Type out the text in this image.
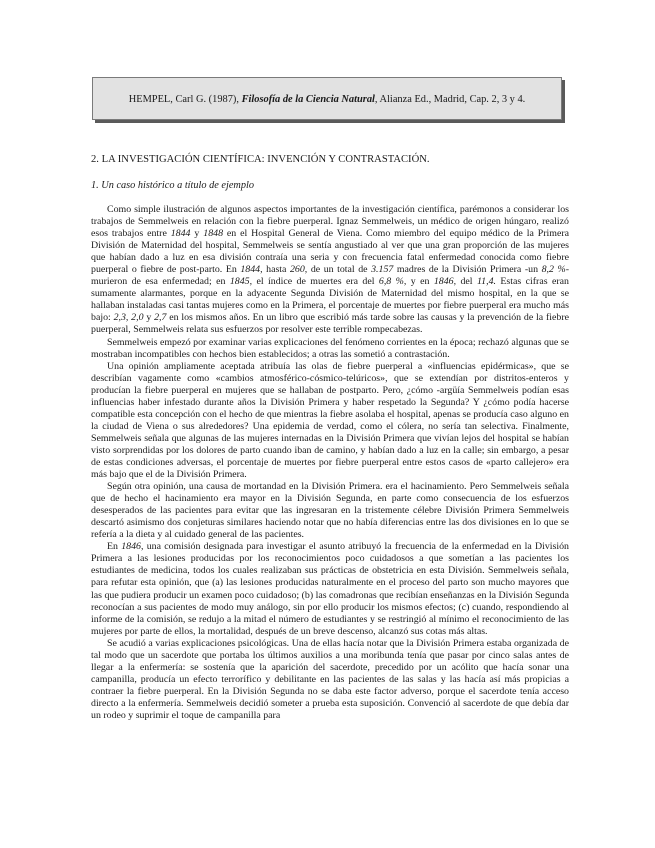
HEMPEL, Carl G. (1987), Filosofía de la Ciencia Natural, Alianza Ed., Madrid, Cap. 2, 3 y 4.
2. LA INVESTIGACIÓN CIENTÍFICA: INVENCIÓN Y CONTRASTACIÓN.
1. Un caso histórico a título de ejemplo

Como simple ilustración de algunos aspectos importantes de la investigación científica, parémonos a considerar los trabajos de Semmelweis en relación con la fiebre puerperal. Ignaz Semmelweis, un médico de origen húngaro, realizó esos trabajos entre 1844 y 1848 en el Hospital General de Viena. Como miembro del equipo médico de la Primera División de Maternidad del hospital, Semmelweis se sentía angustiado al ver que una gran proporción de las mujeres que habían dado a luz en esa división contraía una seria y con frecuencia fatal enfermedad conocida como fiebre puerperal o fiebre de post-parto. En 1844, hasta 260, de un total de 3.157 madres de la División Primera -un 8,2 %- murieron de esa enfermedad; en 1845, el índice de muertes era del 6,8 %, y en 1846, del 11,4. Estas cifras eran sumamente alarmantes, porque en la adyacente Segunda División de Maternidad del mismo hospital, en la que se hallaban instaladas casi tantas mujeres como en la Primera, el porcentaje de muertes por fiebre puerperal era mucho más bajo: 2,3, 2,0 y 2,7 en los mismos años. En un libro que escribió más tarde sobre las causas y la prevención de la fiebre puerperal, Semmelweis relata sus esfuerzos por resolver este terrible rompecabezas.

Semmelweis empezó por examinar varias explicaciones del fenómeno corrientes en la época; rechazó algunas que se mostraban incompatibles con hechos bien establecidos; a otras las sometió a contrastación.

Una opinión ampliamente aceptada atribuía las olas de fiebre puerperal a «influencias epidérmicas», que se describían vagamente como «cambios atmosférico-cósmico-telúricos», que se extendían por distritos-enteros y producían la fiebre puerperal en mujeres que se hallaban de postparto. Pero, ¿cómo -argüía Semmelweis podían esas influencias haber infestado durante años la División Primera y haber respetado la Segunda? Y ¿cómo podía hacerse compatible esta concepción con el hecho de que mientras la fiebre asolaba el hospital, apenas se producía caso alguno en la ciudad de Viena o sus alrededores? Una epidemia de verdad, como el cólera, no sería tan selectiva. Finalmente, Semmelweis señala que algunas de las mujeres internadas en la División Primera que vivían lejos del hospital se habían visto sorprendidas por los dolores de parto cuando iban de camino, y habían dado a luz en la calle; sin embargo, a pesar de estas condiciones adversas, el porcentaje de muertes por fiebre puerperal entre estos casos de «parto callejero» era más bajo que el de la División Primera.

Según otra opinión, una causa de mortandad en la División Primera. era el hacinamiento. Pero Semmelweis señala que de hecho el hacinamiento era mayor en la División Segunda, en parte como consecuencia de los esfuerzos desesperados de las pacientes para evitar que las ingresaran en la tristemente célebre División Primera Semmelweis descartó asimismo dos conjeturas similares haciendo notar que no había diferencias entre las dos divisiones en lo que se refería a la dieta y al cuidado general de las pacientes.

En 1846, una comisión designada para investigar el asunto atribuyó la frecuencia de la enfermedad en la División Primera a las lesiones producidas por los reconocimientos poco cuidadosos a que sometían a las pacientes los estudiantes de medicina, todos los cuales realizaban sus prácticas de obstetricia en esta División. Semmelweis señala, para refutar esta opinión, que (a) las lesiones producidas naturalmente en el proceso del parto son mucho mayores que las que pudiera producir un examen poco cuidadoso; (b) las comadronas que recibían enseñanzas en la División Segunda reconocían a sus pacientes de modo muy análogo, sin por ello producir los mismos efectos; (c) cuando, respondiendo al informe de la comisión, se redujo a la mitad el número de estudiantes y se restringió al mínimo el reconocimiento de las mujeres por parte de ellos, la mortalidad, después de un breve descenso, alcanzó sus cotas más altas.

Se acudió a varias explicaciones psicológicas. Una de ellas hacía notar que la División Primera estaba organizada de tal modo que un sacerdote que portaba los últimos auxilios a una moribunda tenía que pasar por cinco salas antes de llegar a la enfermería: se sostenía que la aparición del sacerdote, precedido por un acólito que hacía sonar una campanilla, producía un efecto terrorífico y debilitante en las pacientes de las salas y las hacía así más propicias a contraer la fiebre puerperal. En la División Segunda no se daba este factor adverso, porque el sacerdote tenía acceso directo a la enfermería. Semmelweis decidió someter a prueba esta suposición. Convenció al sacerdote de que debía dar un rodeo y suprimir el toque de campanilla para
